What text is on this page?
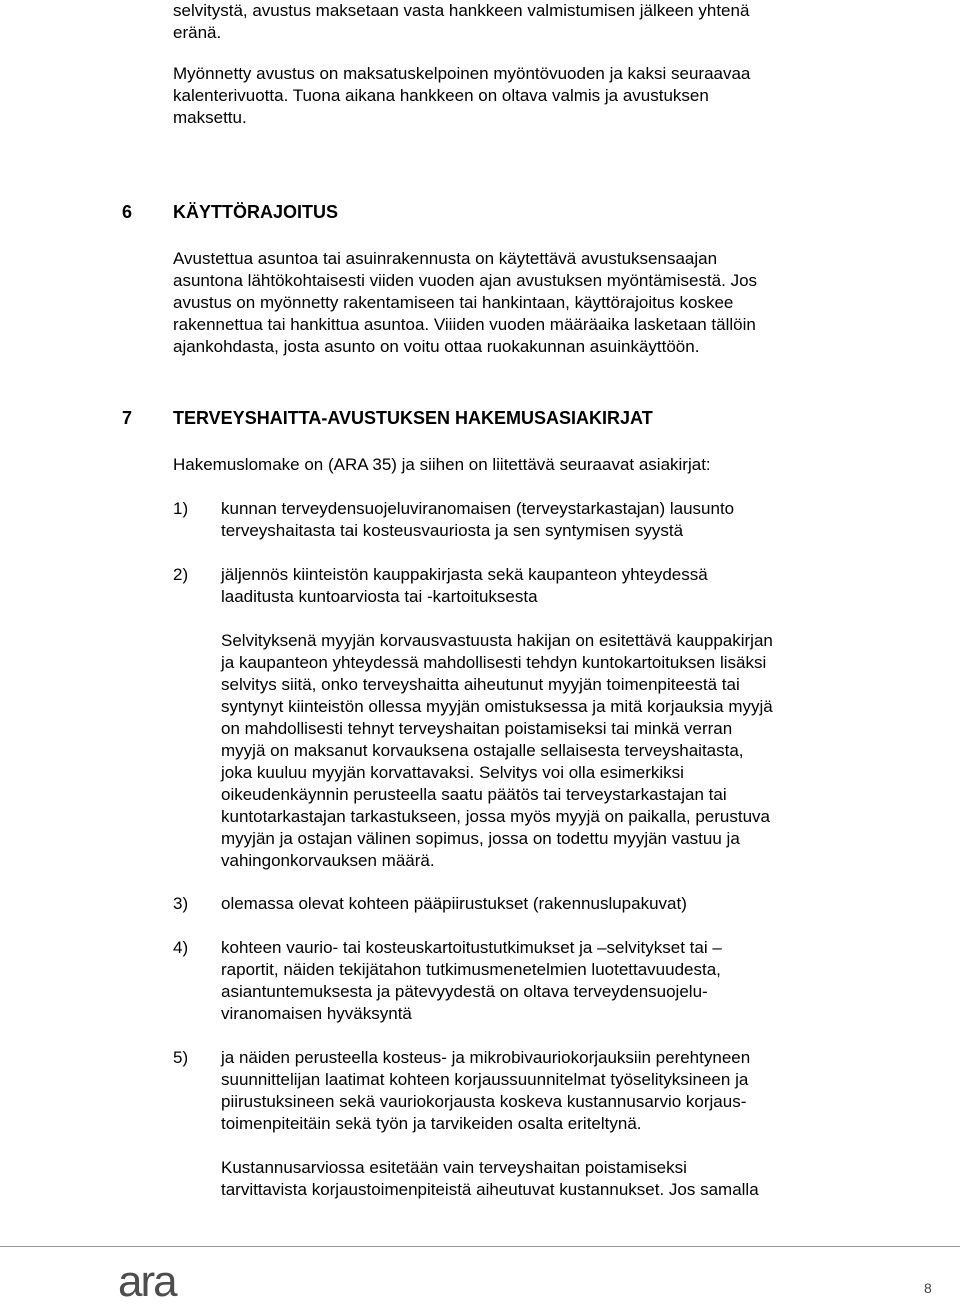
selvitystä, avustus maksetaan vasta hankkeen valmistumisen jälkeen yhtenä
eränä.

Myönnetty avustus on maksatuskelpoinen myöntövuoden ja kaksi seuraavaa
kalenterivuotta. Tuona aikana hankkeen on oltava valmis ja avustuksen
maksettu.

6 KÄYTTÖRAJOITUS

Avustettua asuntoa tai asuinrakennusta on käytettävä avustuksensaajan
asuntona lähtökohtaisesti viiden vuoden ajan avustuksen myöntämisestä. Jos
avustus on myönnetty rakentamiseen tai hankintaan, käyttörajoitus koskee
rakennettua tai hankittua asuntoa. Viiiden vuoden määräaika lasketaan tällöin
ajankohdasta, josta asunto on voitu ottaa ruokakunnan asuinkäyttöön.

7 TERVEYSHAITTA-AVUSTUKSEN HAKEMUSASIAKIRJAT

Hakemuslomake on (ARA 35) ja siihen on liitettävä seuraavat asiakirjat:

1) kunnan terveydensuojeluviranomaisen (terveystarkastajan) lausunto
terveyshaitasta tai kosteusvauriosta ja sen syntymisen syystä
2) jäljennös kiinteistön kauppakirjasta sekä kaupanteon yhteydessä
laaditusta kuntoarviosta tai -kartoituksesta

Selvityksenä myyjän korvausvastuusta hakijan on esitettävä kauppakirjan
ja kaupanteon yhteydessä mahdollisesti tehdyn kuntokartoituksen lisäksi
selvitys siitä, onko terveyshaitta aiheutunut myyjän toimenpiteestä tai
syntynyt kiinteistön ollessa myyjän omistuksessa ja mitä korjauksia myyjä
on mahdollisesti tehnyt terveyshaitan poistamiseksi tai minkä verran
myyjä on maksanut korvauksena ostajalle sellaisesta terveyshaitasta,
joka kuuluu myyjän korvattavaksi. Selvitys voi olla esimerkiksi
oikeudenkäynnin perusteella saatu päätös tai terveystarkastajan tai
kuntotarkastajan tarkastukseen, jossa myös myyjä on paikalla, perustuva
myyjän ja ostajan välinen sopimus, jossa on todettu myyjän vastuu ja
vahingonkorvauksen määrä.

3) olemassa olevat kohteen pääpiirustukset (rakennuslupakuvat)
4) kohteen vaurio- tai kosteuskartoitustutkimukset ja –selvitykset tai –
raportit, näiden tekijätahon tutkimusmenetelmien luotettavuudesta,
asiantuntemuksesta ja pätevyydestä on oltava terveydensuojelu-
viranomaisen hyväksyntä
5) ja näiden perusteella kosteus- ja mikrobivauriokorjauksiin perehtyneen
suunnittelijan laatimat kohteen korjaussuunnitelmat työselityksineen ja
piirustuksineen sekä vauriokorjausta koskeva kustannusarvio korjaus-
toimenpiteitäin sekä työn ja tarvikeiden osalta eriteltynä.

Kustannusarviossa esitetään vain terveyshaitan poistamiseksi
tarvittavista korjaustoimenpiteistä aiheutuvat kustannukset. Jos samalla

ara	8
